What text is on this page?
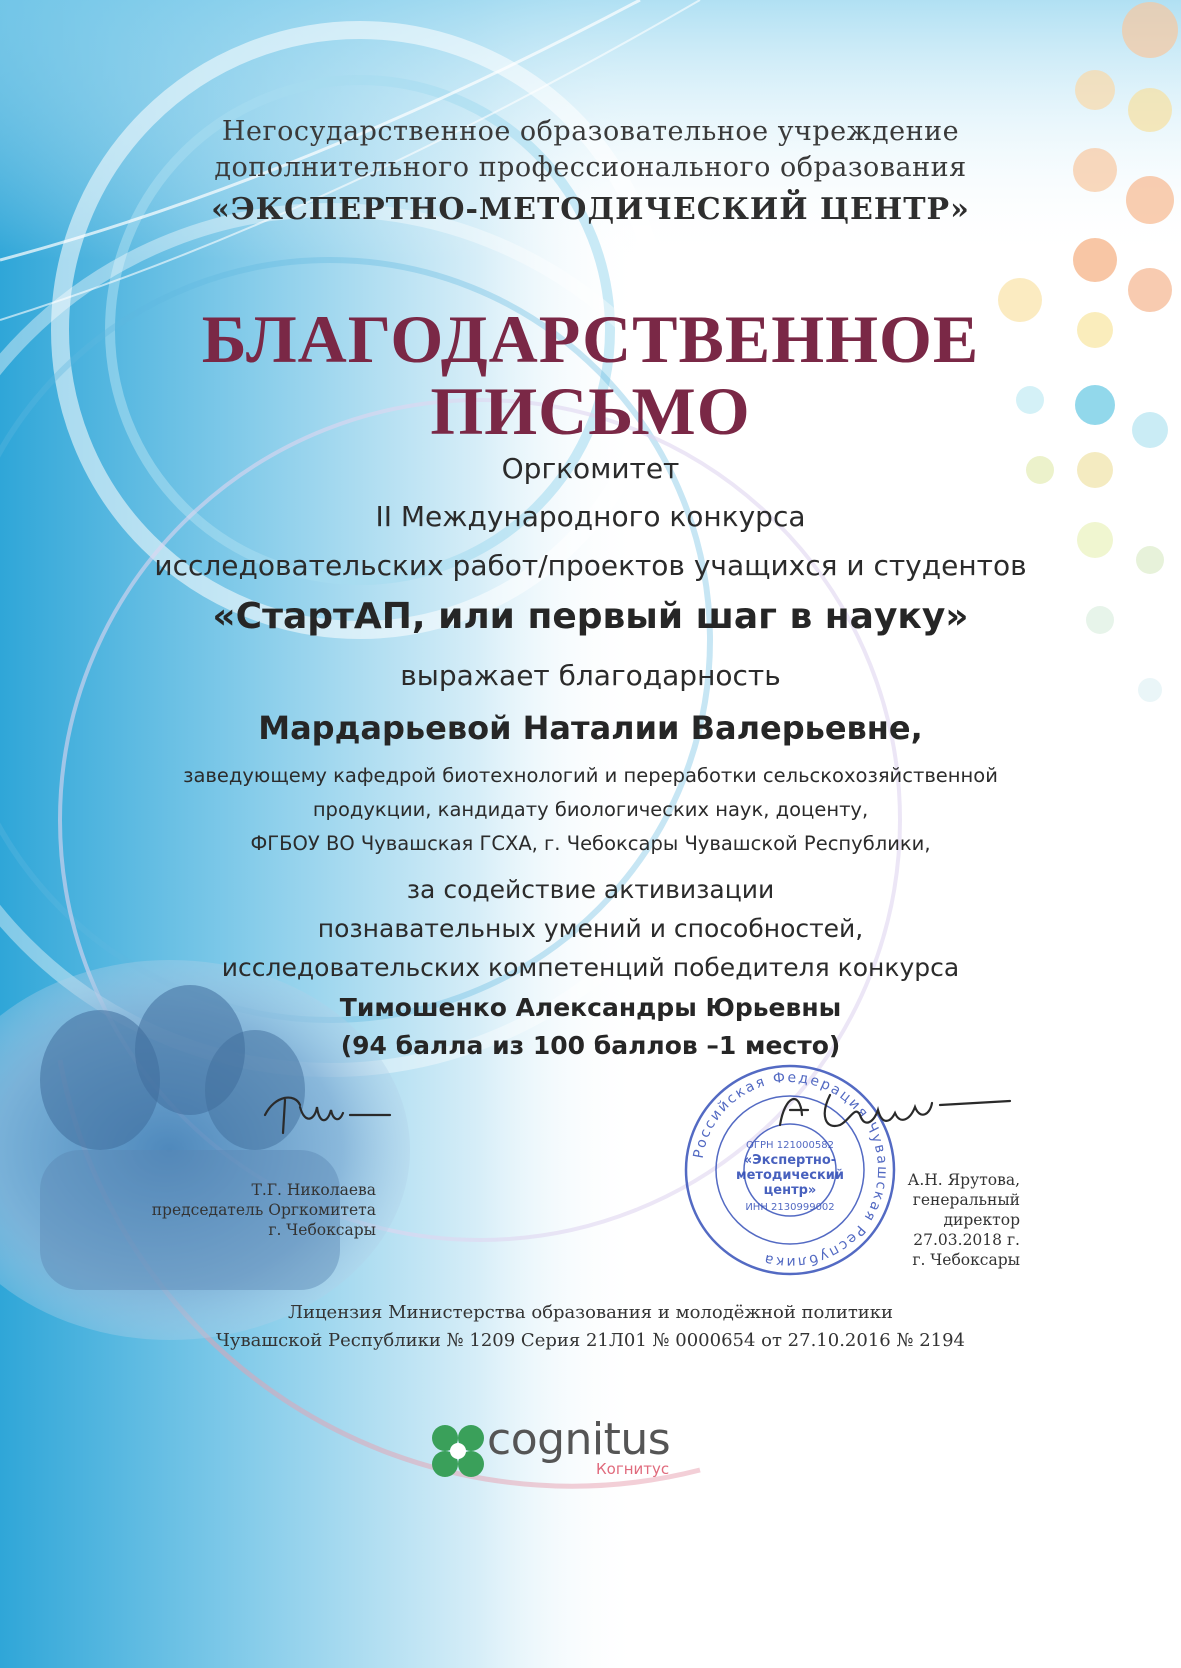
Негосударственное образовательное учреждение
дополнительного профессионального образования
«ЭКСПЕРТНО-МЕТОДИЧЕСКИЙ ЦЕНТР»
БЛАГОДАРСТВЕННОЕ
ПИСЬМО
Оргкомитет
II Международного конкурса
исследовательских работ/проектов учащихся и студентов
«СтартАП, или первый шаг в науку»
выражает благодарность
Мардарьевой Наталии Валерьевне,
заведующему кафедрой биотехнологий и переработки сельскохозяйственной
продукции, кандидату биологических наук, доценту,
ФГБОУ ВО Чувашская ГСХА, г. Чебоксары Чувашской Республики,
за содействие активизации
познавательных умений и способностей,
исследовательских компетенций победителя конкурса
Тимошенко Александры Юрьевны
(94 балла из 100 баллов –1 место)
Т.Г. Николаева
председатель Оргкомитета
г. Чебоксары
Российская Федерация Чувашская Республика
ОГРН 121000582
«Экспертно-
методический
центр»
ИНН 2130999002
А.Н. Ярутова,
генеральный директор
27.03.2018 г.
г. Чебоксары
Лицензия Министерства образования и молодёжной политики
Чувашской Республики № 1209 Серия 21Л01 № 0000654 от 27.10.2016 № 2194
cognitus
Когнитус
